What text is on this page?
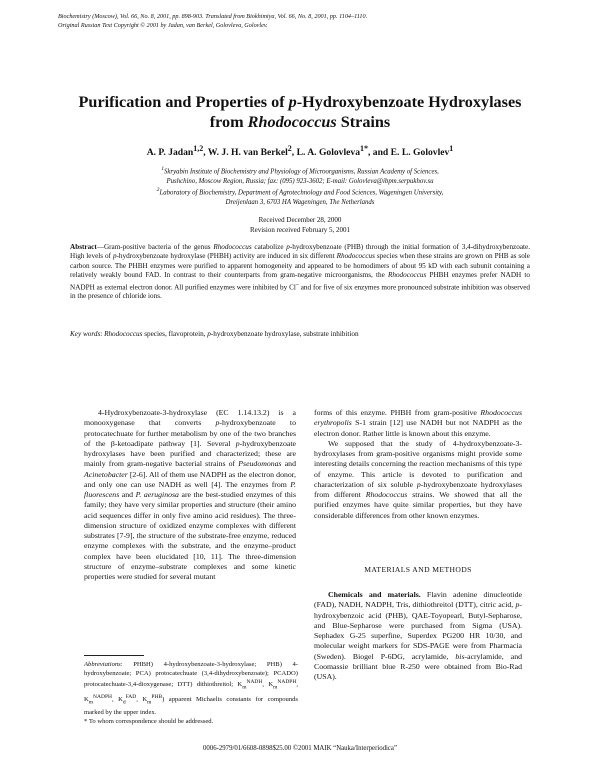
Biochemistry (Moscow), Vol. 66, No. 8, 2001, pp. 898-903. Translated from Biokhimiya, Vol. 66, No. 8, 2001, pp. 1104–1110.
Original Russian Text Copyright © 2001 by Jadan, van Berkel, Golovleva, Golovlev.
Purification and Properties of p-Hydroxybenzoate Hydroxylases
from Rhodococcus Strains
A. P. Jadan$^{1,2}$, W. J. H. van Berkel$^2$, L. A. Golovleva$^{1*}$, and E. L. Golovlev$^1$
$^1$Skryabin Institute of Biochemistry and Physiology of Microorganisms, Russian Academy of Sciences,
Pushchino, Moscow Region, Russia; fax: (095) 923-3602; E-mail: Golovleva@ibpm.serpukhov.su
$^2$Laboratory of Biochemistry, Department of Agrotechnology and Food Sciences, Wageningen University,
Dreijenlaan 3, 6703 HA Wageningen, The Netherlands
Received December 28, 2000
Revision received February 5, 2001
Abstract—Gram-positive bacteria of the genus Rhodococcus catabolize p-hydroxybenzoate (PHB) through the initial formation of 3,4-dihydroxybenzoate. High levels of p-hydroxybenzoate hydroxylase (PHBH) activity are induced in six different Rhodococcus species when these strains are grown on PHB as sole carbon source. The PHBH enzymes were purified to apparent homogeneity and appeared to be homodimers of about 95 kD with each subunit containing a relatively weakly bound FAD. In contrast to their counterparts from gram-negative microorganisms, the Rhodococcus PHBH enzymes prefer NADH to NADPH as external electron donor. All purified enzymes were inhibited by Cl– and for five of six enzymes more pronounced substrate inhibition was observed in the presence of chloride ions.
Key words: Rhodococcus species, flavoprotein, p-hydroxybenzoate hydroxylase, substrate inhibition

4-Hydroxybenzoate-3-hydroxylase (EC 1.14.13.2) is a monooxygenase that converts p-hydroxybenzoate to protocatechuate for further metabolism by one of the two branches of the β-ketoadipate pathway [1]. Several p-hydroxybenzoate hydroxylases have been purified and characterized; these are mainly from gram-negative bacterial strains of Pseudomonas and Acinetobacter [2-6]. All of them use NADPH as the electron donor, and only one can use NADH as well [4]. The enzymes from P. fluorescens and P. aeruginosa are the best-studied enzymes of this family; they have very similar properties and structure (their amino acid sequences differ in only five amino acid residues). The three-dimension structure of oxidized enzyme complexes with different substrates [7-9], the structure of the substrate-free enzyme, reduced enzyme complexes with the substrate, and the enzyme–product complex have been elucidated [10, 11]. The three-dimension structure of enzyme–substrate complexes and some kinetic properties were studied for several mutant

forms of this enzyme. PHBH from gram-positive Rhodococcus erythropolis S-1 strain [12] use NADH but not NADPH as the electron donor. Rather little is known about this enzyme.

We supposed that the study of 4-hydroxybenzoate-3-hydroxylases from gram-positive organisms might provide some interesting details concerning the reaction mechanisms of this type of enzyme. This article is devoted to purification and characterization of six soluble p-hydroxybenzoate hydroxylases from different Rhodococcus strains. We showed that all the purified enzymes have quite similar properties, but they have considerable differences from other known enzymes.

MATERIALS AND METHODS

Chemicals and materials. Flavin adenine dinucleotide (FAD), NADH, NADPH, Tris, dithiothreitol (DTT), citric acid, p-hydroxybenzoic acid (PHB), QAE-Toyopearl, Butyl-Sepharose, and Blue-Sepharose were purchased from Sigma (USA). Sephadex G-25 superfine, Superdex PG200 HR 10/30, and molecular weight markers for SDS-PAGE were from Pharmacia (Sweden). Biogel P-6DG, acrylamide, bis-acrylamide, and Coomassie brilliant blue R-250 were obtained from Bio-Rad (USA).

Abbreviations: PHBH) 4-hydroxybenzoate-3-hydroxylase; PHB) 4-hydroxybenzoate; PCA) protocatechuate (3,4-dihydroxybenzoate); PCADO) protocatechuate-3,4-dioxygenase; DTT) dithiothreitol; $K_m^{NADH}$, $K_m^{NADPH}$, $K_m^{NADPH}$, $K_d^{FAD}$, $K_m^{PHB}$) apparent Michaelis constants for compounds marked by the upper index.

* To whom correspondence should be addressed.

0006-2979/01/6608-0898$25.00 ©2001 MAIK “Nauka/Interperiodica”
